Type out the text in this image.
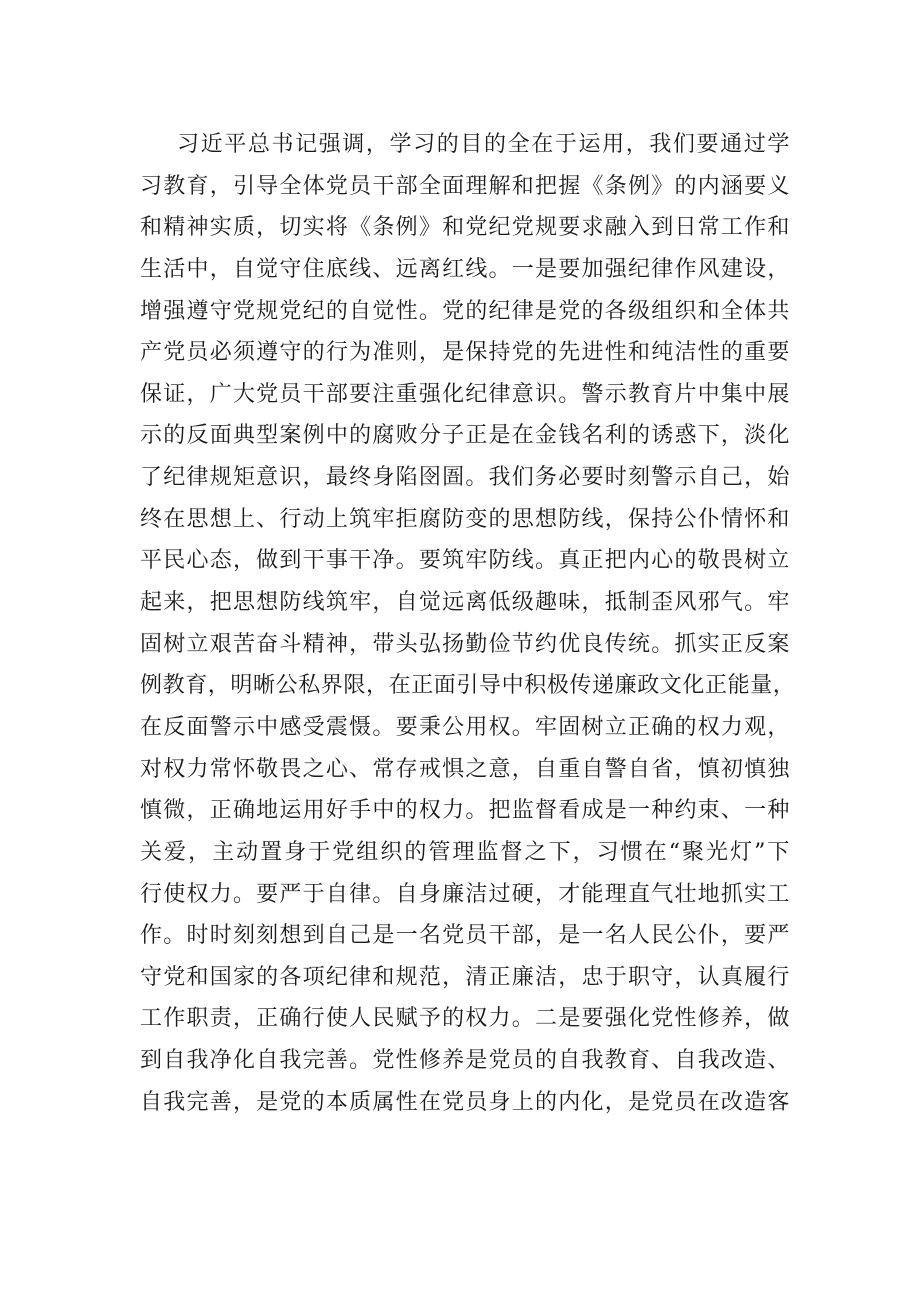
习近平总书记强调，学习的目的全在于运用，我们要通过学
习教育，引导全体党员干部全面理解和把握《条例》的内涵要义
和精神实质，切实将《条例》和党纪党规要求融入到日常工作和
生活中，自觉守住底线、远离红线。一是要加强纪律作风建设，
增强遵守党规党纪的自觉性。党的纪律是党的各级组织和全体共
产党员必须遵守的行为准则，是保持党的先进性和纯洁性的重要
保证，广大党员干部要注重强化纪律意识。警示教育片中集中展
示的反面典型案例中的腐败分子正是在金钱名利的诱惑下，淡化
了纪律规矩意识，最终身陷囹圄。我们务必要时刻警示自己，始
终在思想上、行动上筑牢拒腐防变的思想防线，保持公仆情怀和
平民心态，做到干事干净。要筑牢防线。真正把内心的敬畏树立
起来，把思想防线筑牢，自觉远离低级趣味，抵制歪风邪气。牢
固树立艰苦奋斗精神，带头弘扬勤俭节约优良传统。抓实正反案
例教育，明晰公私界限，在正面引导中积极传递廉政文化正能量，
在反面警示中感受震慑。要秉公用权。牢固树立正确的权力观，
对权力常怀敬畏之心、常存戒惧之意，自重自警自省，慎初慎独
慎微，正确地运用好手中的权力。把监督看成是一种约束、一种
关爱，主动置身于党组织的管理监督之下，习惯在“聚光灯”下
行使权力。要严于自律。自身廉洁过硬，才能理直气壮地抓实工
作。时时刻刻想到自己是一名党员干部，是一名人民公仆，要严
守党和国家的各项纪律和规范，清正廉洁，忠于职守，认真履行
工作职责，正确行使人民赋予的权力。二是要强化党性修养，做
到自我净化自我完善。党性修养是党员的自我教育、自我改造、
自我完善，是党的本质属性在党员身上的内化，是党员在改造客
